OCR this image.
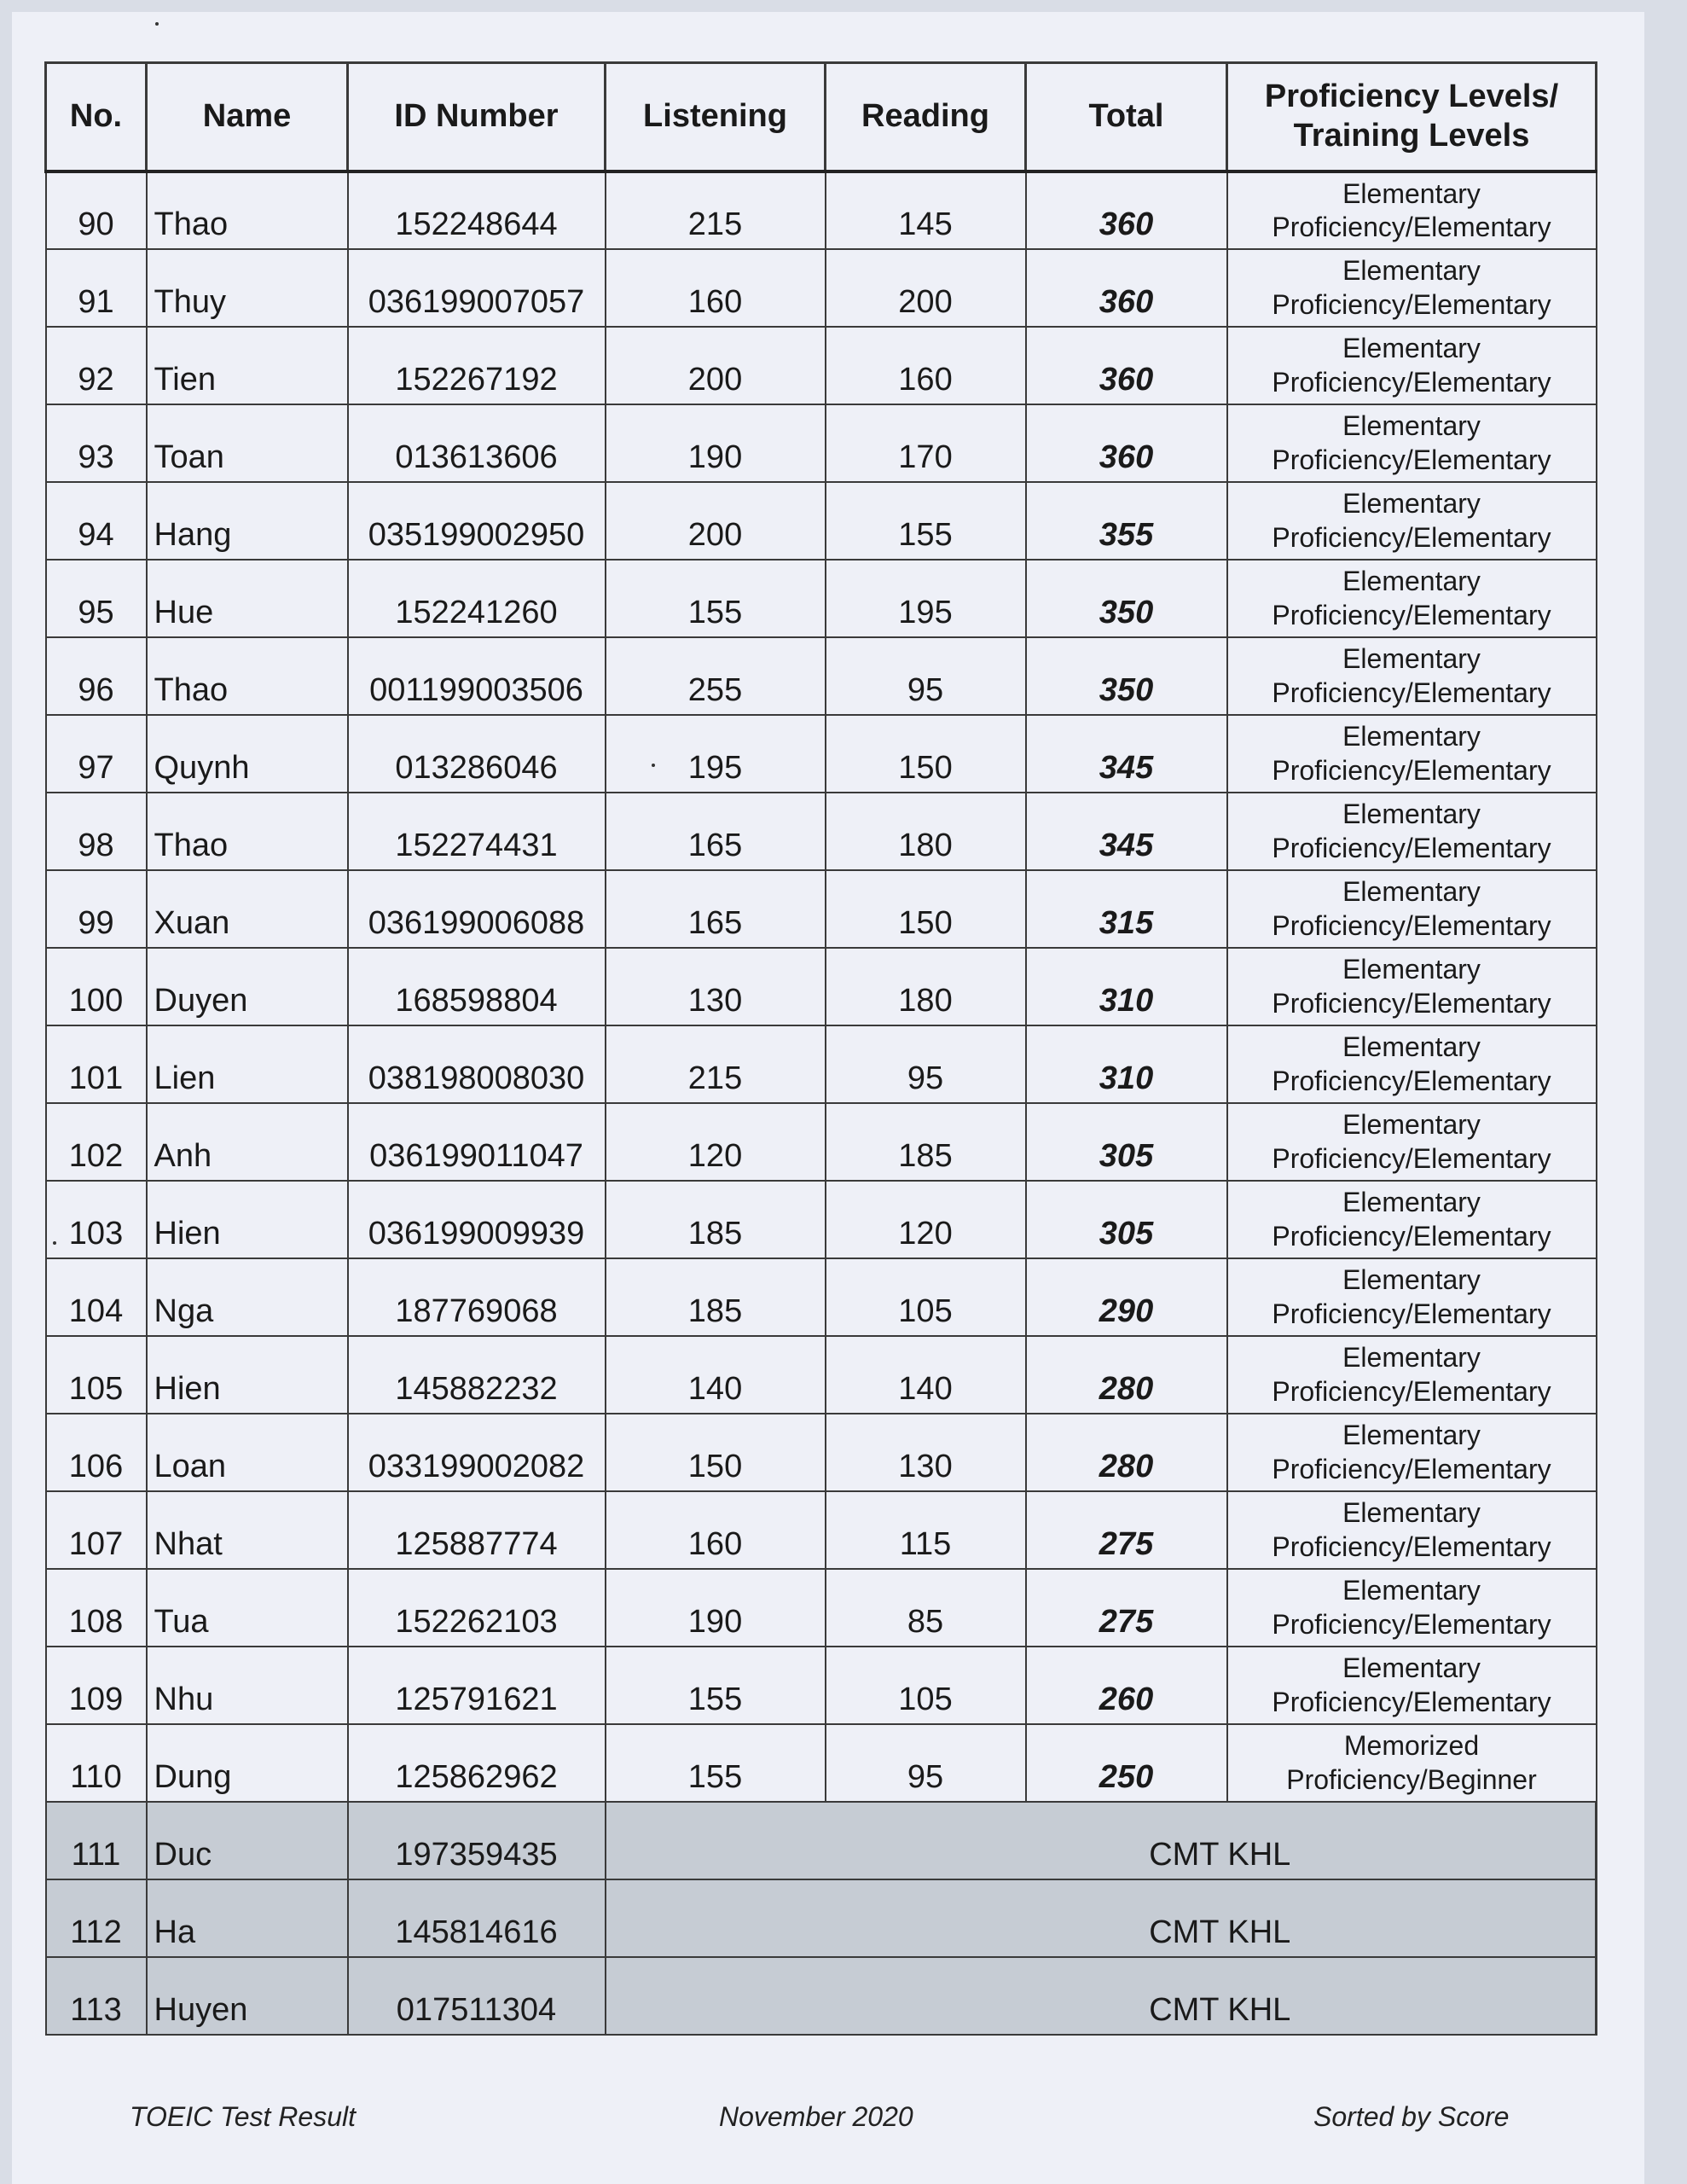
No.	Name	ID Number	Listening	Reading	Total	Proficiency Levels/
Training Levels
90	Thao	152248644	215	145	360	Elementary
Proficiency/Elementary
91	Thuy	036199007057	160	200	360	Elementary
Proficiency/Elementary
92	Tien	152267192	200	160	360	Elementary
Proficiency/Elementary
93	Toan	013613606	190	170	360	Elementary
Proficiency/Elementary
94	Hang	035199002950	200	155	355	Elementary
Proficiency/Elementary
95	Hue	152241260	155	195	350	Elementary
Proficiency/Elementary
96	Thao	001199003506	255	95	350	Elementary
Proficiency/Elementary
97	Quynh	013286046	195	150	345	Elementary
Proficiency/Elementary
98	Thao	152274431	165	180	345	Elementary
Proficiency/Elementary
99	Xuan	036199006088	165	150	315	Elementary
Proficiency/Elementary
100	Duyen	168598804	130	180	310	Elementary
Proficiency/Elementary
101	Lien	038198008030	215	95	310	Elementary
Proficiency/Elementary
102	Anh	036199011047	120	185	305	Elementary
Proficiency/Elementary
103	Hien	036199009939	185	120	305	Elementary
Proficiency/Elementary
104	Nga	187769068	185	105	290	Elementary
Proficiency/Elementary
105	Hien	145882232	140	140	280	Elementary
Proficiency/Elementary
106	Loan	033199002082	150	130	280	Elementary
Proficiency/Elementary
107	Nhat	125887774	160	115	275	Elementary
Proficiency/Elementary
108	Tua	152262103	190	85	275	Elementary
Proficiency/Elementary
109	Nhu	125791621	155	105	260	Elementary
Proficiency/Elementary
110	Dung	125862962	155	95	250	Memorized
Proficiency/Beginner
111	Duc	197359435	CMT KHL			
112	Ha	145814616	CMT KHL			
113	Huyen	017511304	CMT KHL			
TOEIC Test Result	November 2020	Sorted by Score
